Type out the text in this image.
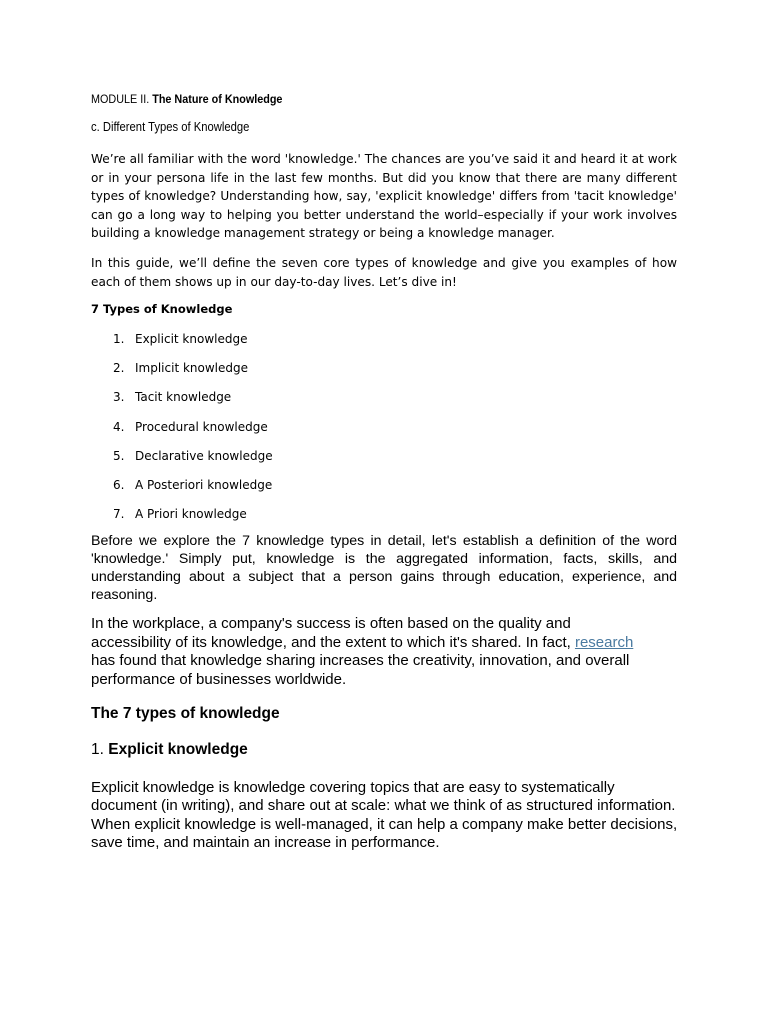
MODULE II. The Nature of Knowledge
c. Different Types of Knowledge

We’re all familiar with the word 'knowledge.' The chances are you’ve said it and heard it at work or in your persona life in the last few months. But did you know that there are many different types of knowledge? Understanding how, say, 'explicit knowledge' differs from 'tacit knowledge' can go a long way to helping you better understand the world–especially if your work involves building a knowledge management strategy or being a knowledge manager.

In this guide, we’ll define the seven core types of knowledge and give you examples of how each of them shows up in our day-to-day lives. Let’s dive in!

7 Types of Knowledge
1. Explicit knowledge
2. Implicit knowledge
3. Tacit knowledge
4. Procedural knowledge
5. Declarative knowledge
6. A Posteriori knowledge
7. A Priori knowledge

Before we explore the 7 knowledge types in detail, let's establish a definition of the word 'knowledge.' Simply put, knowledge is the aggregated information, facts, skills, and understanding about a subject that a person gains through education, experience, and reasoning.

In the workplace, a company's success is often based on the quality and accessibility of its knowledge, and the extent to which it's shared. In fact, research has found that knowledge sharing increases the creativity, innovation, and overall performance of businesses worldwide.

The 7 types of knowledge
1. Explicit knowledge

Explicit knowledge is knowledge covering topics that are easy to systematically document (in writing), and share out at scale: what we think of as structured information. When explicit knowledge is well-managed, it can help a company make better decisions, save time, and maintain an increase in performance.
